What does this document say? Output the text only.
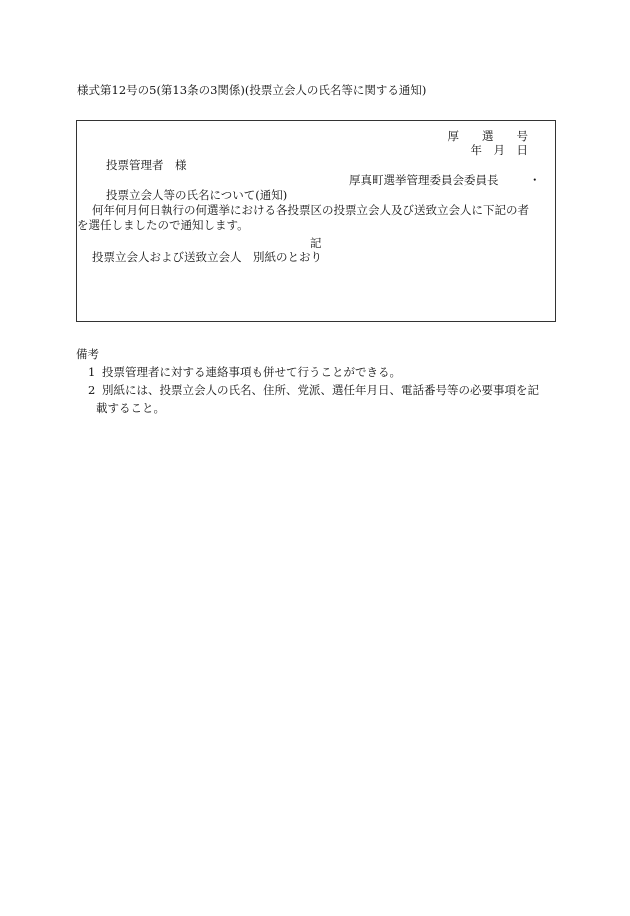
様式第12号の5(第13条の3関係)(投票立会人の氏名等に関する通知)
厚　　選　　号
年　月　日
投票管理者　様
厚真町選挙管理委員会委員長	・
投票立会人等の氏名について(通知)
何年何月何日執行の何選挙における各投票区の投票立会人及び送致立会人に下記の者
を選任しましたので通知します。
記
投票立会人および送致立会人　別紙のとおり
備考
1 投票管理者に対する連絡事項も併せて行うことができる。
2 別紙には、投票立会人の氏名、住所、党派、選任年月日、電話番号等の必要事項を記
載すること。
